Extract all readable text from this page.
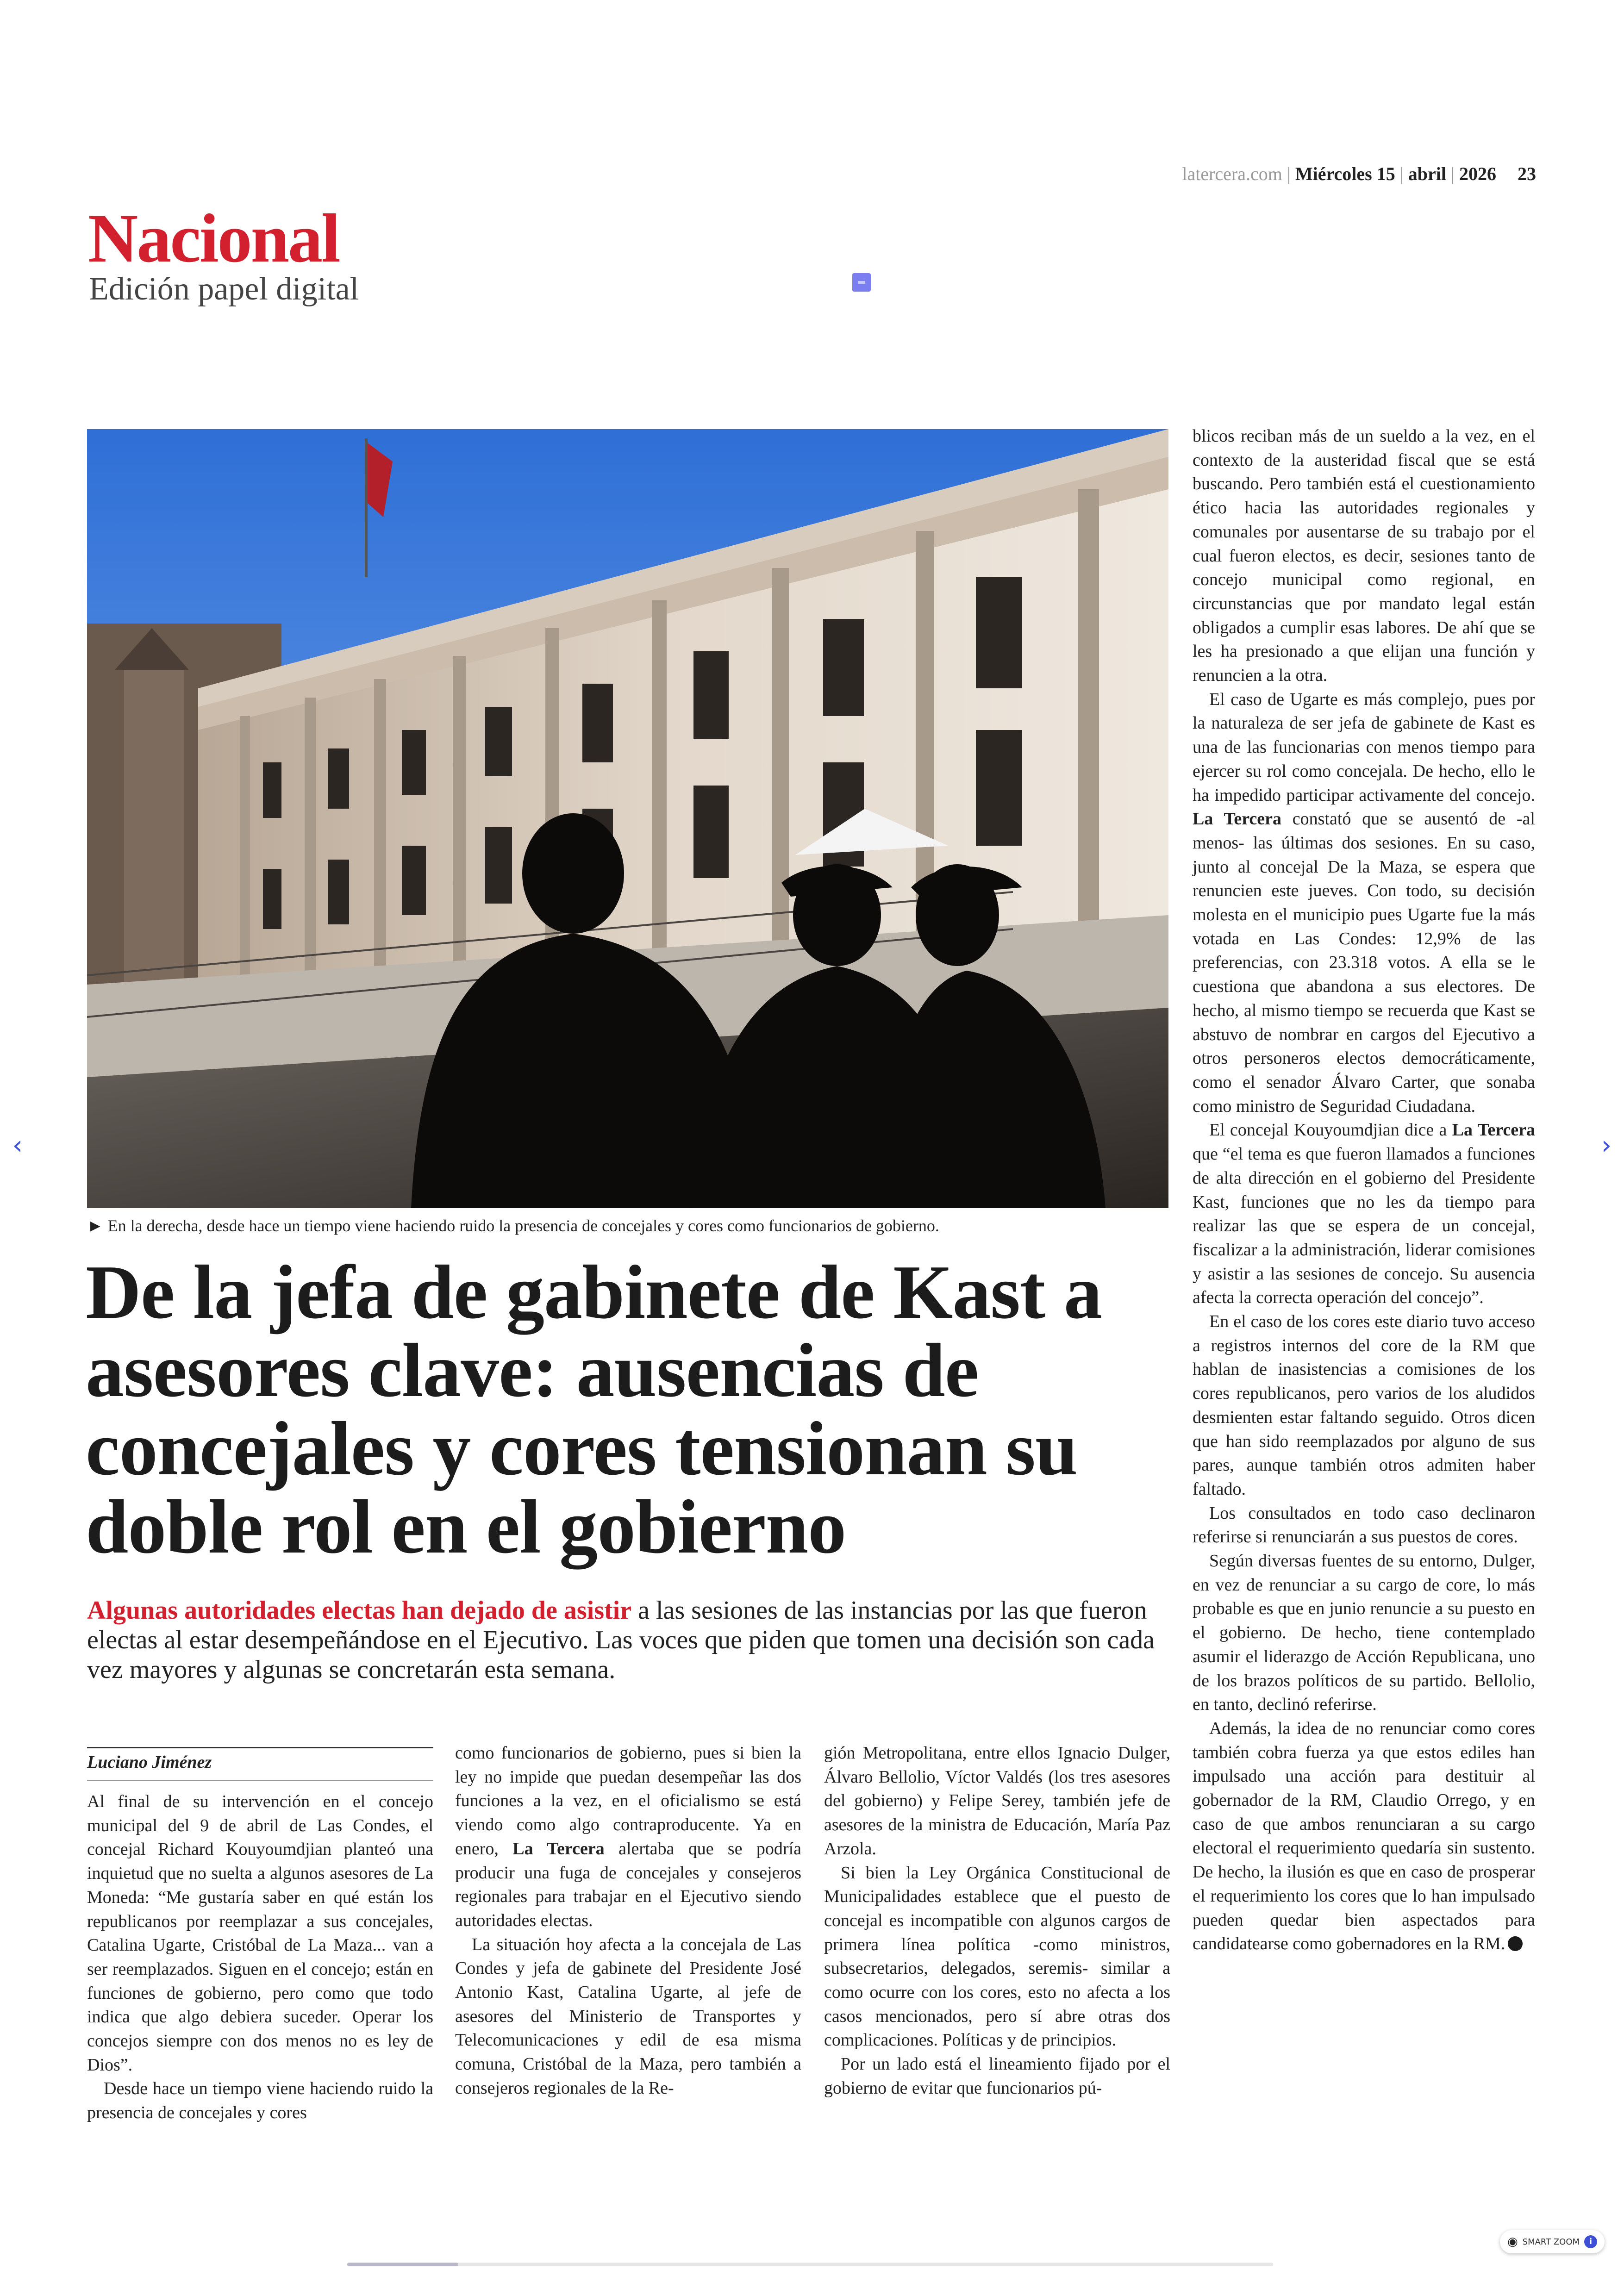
latercera.com | Miércoles 15 | abril | 2026 23
Nacional
Edición papel digital
► En la derecha, desde hace un tiempo viene haciendo ruido la presencia de concejales y cores como funcionarios de gobierno.
De la jefa de gabinete de Kast a asesores clave: ausencias de concejales y cores tensionan su doble rol en el gobierno
Algunas autoridades electas han dejado de asistir a las sesiones de las instancias por las que fueron electas al estar desempeñándose en el Ejecutivo. Las voces que piden que tomen una decisión son cada vez mayores y algunas se concretarán esta semana.
Luciano Jiménez

Al final de su intervención en el concejo municipal del 9 de abril de Las Condes, el concejal Richard Kouyoumdjian planteó una inquietud que no suelta a algunos asesores de La Moneda: “Me gustaría saber en qué están los republicanos por reemplazar a sus concejales, Catalina Ugarte, Cristóbal de La Maza... van a ser reemplazados. Siguen en el concejo; están en funciones de gobierno, pero como que todo indica que algo debiera suceder. Operar los concejos siempre con dos menos no es ley de Dios”.

Desde hace un tiempo viene haciendo ruido la presencia de concejales y cores

como funcionarios de gobierno, pues si bien la ley no impide que puedan desempeñar las dos funciones a la vez, en el oficialismo se está viendo como algo contraproducente. Ya en enero, La Tercera alertaba que se podría producir una fuga de concejales y consejeros regionales para trabajar en el Ejecutivo siendo autoridades electas.

La situación hoy afecta a la concejala de Las Condes y jefa de gabinete del Presidente José Antonio Kast, Catalina Ugarte, al jefe de asesores del Ministerio de Transportes y Telecomunicaciones y edil de esa misma comuna, Cristóbal de la Maza, pero también a consejeros regionales de la Re-

gión Metropolitana, entre ellos Ignacio Dulger, Álvaro Bellolio, Víctor Valdés (los tres asesores del gobierno) y Felipe Serey, también jefe de asesores de la ministra de Educación, María Paz Arzola.

Si bien la Ley Orgánica Constitucional de Municipalidades establece que el puesto de concejal es incompatible con algunos cargos de primera línea política -como ministros, subsecretarios, delegados, seremis- similar a como ocurre con los cores, esto no afecta a los casos mencionados, pero sí abre otras dos complicaciones. Políticas y de principios.

Por un lado está el lineamiento fijado por el gobierno de evitar que funcionarios pú-

blicos reciban más de un sueldo a la vez, en el contexto de la austeridad fiscal que se está buscando. Pero también está el cuestionamiento ético hacia las autoridades regionales y comunales por ausentarse de su trabajo por el cual fueron electos, es decir, sesiones tanto de concejo municipal como regional, en circunstancias que por mandato legal están obligados a cumplir esas labores. De ahí que se les ha presionado a que elijan una función y renuncien a la otra.

El caso de Ugarte es más complejo, pues por la naturaleza de ser jefa de gabinete de Kast es una de las funcionarias con menos tiempo para ejercer su rol como concejala. De hecho, ello le ha impedido participar activamente del concejo. La Tercera constató que se ausentó de -al menos- las últimas dos sesiones. En su caso, junto al concejal De la Maza, se espera que renuncien este jueves. Con todo, su decisión molesta en el municipio pues Ugarte fue la más votada en Las Condes: 12,9% de las preferencias, con 23.318 votos. A ella se le cuestiona que abandona a sus electores. De hecho, al mismo tiempo se recuerda que Kast se abstuvo de nombrar en cargos del Ejecutivo a otros personeros electos democráticamente, como el senador Álvaro Carter, que sonaba como ministro de Seguridad Ciudadana.

El concejal Kouyoumdjian dice a La Tercera que “el tema es que fueron llamados a funciones de alta dirección en el gobierno del Presidente Kast, funciones que no les da tiempo para realizar las que se espera de un concejal, fiscalizar a la administración, liderar comisiones y asistir a las sesiones de concejo. Su ausencia afecta la correcta operación del concejo”.

En el caso de los cores este diario tuvo acceso a registros internos del core de la RM que hablan de inasistencias a comisiones de los cores republicanos, pero varios de los aludidos desmienten estar faltando seguido. Otros dicen que han sido reemplazados por alguno de sus pares, aunque también otros admiten haber faltado.

Los consultados en todo caso declinaron referirse si renunciarán a sus puestos de cores.

Según diversas fuentes de su entorno, Dulger, en vez de renunciar a su cargo de core, lo más probable es que en junio renuncie a su puesto en el gobierno. De hecho, tiene contemplado asumir el liderazgo de Acción Republicana, uno de los brazos políticos de su partido. Bellolio, en tanto, declinó referirse.

Además, la idea de no renunciar como cores también cobra fuerza ya que estos ediles han impulsado una acción para destituir al gobernador de la RM, Claudio Orrego, y en caso de que ambos renunciaran a su cargo electoral el requerimiento quedaría sin sustento. De hecho, la ilusión es que en caso de prosperar el requerimiento los cores que lo han impulsado pueden quedar bien aspectados para candidatearse como gobernadores en la RM.

‹	›
◉ SMART ZOOM	i
